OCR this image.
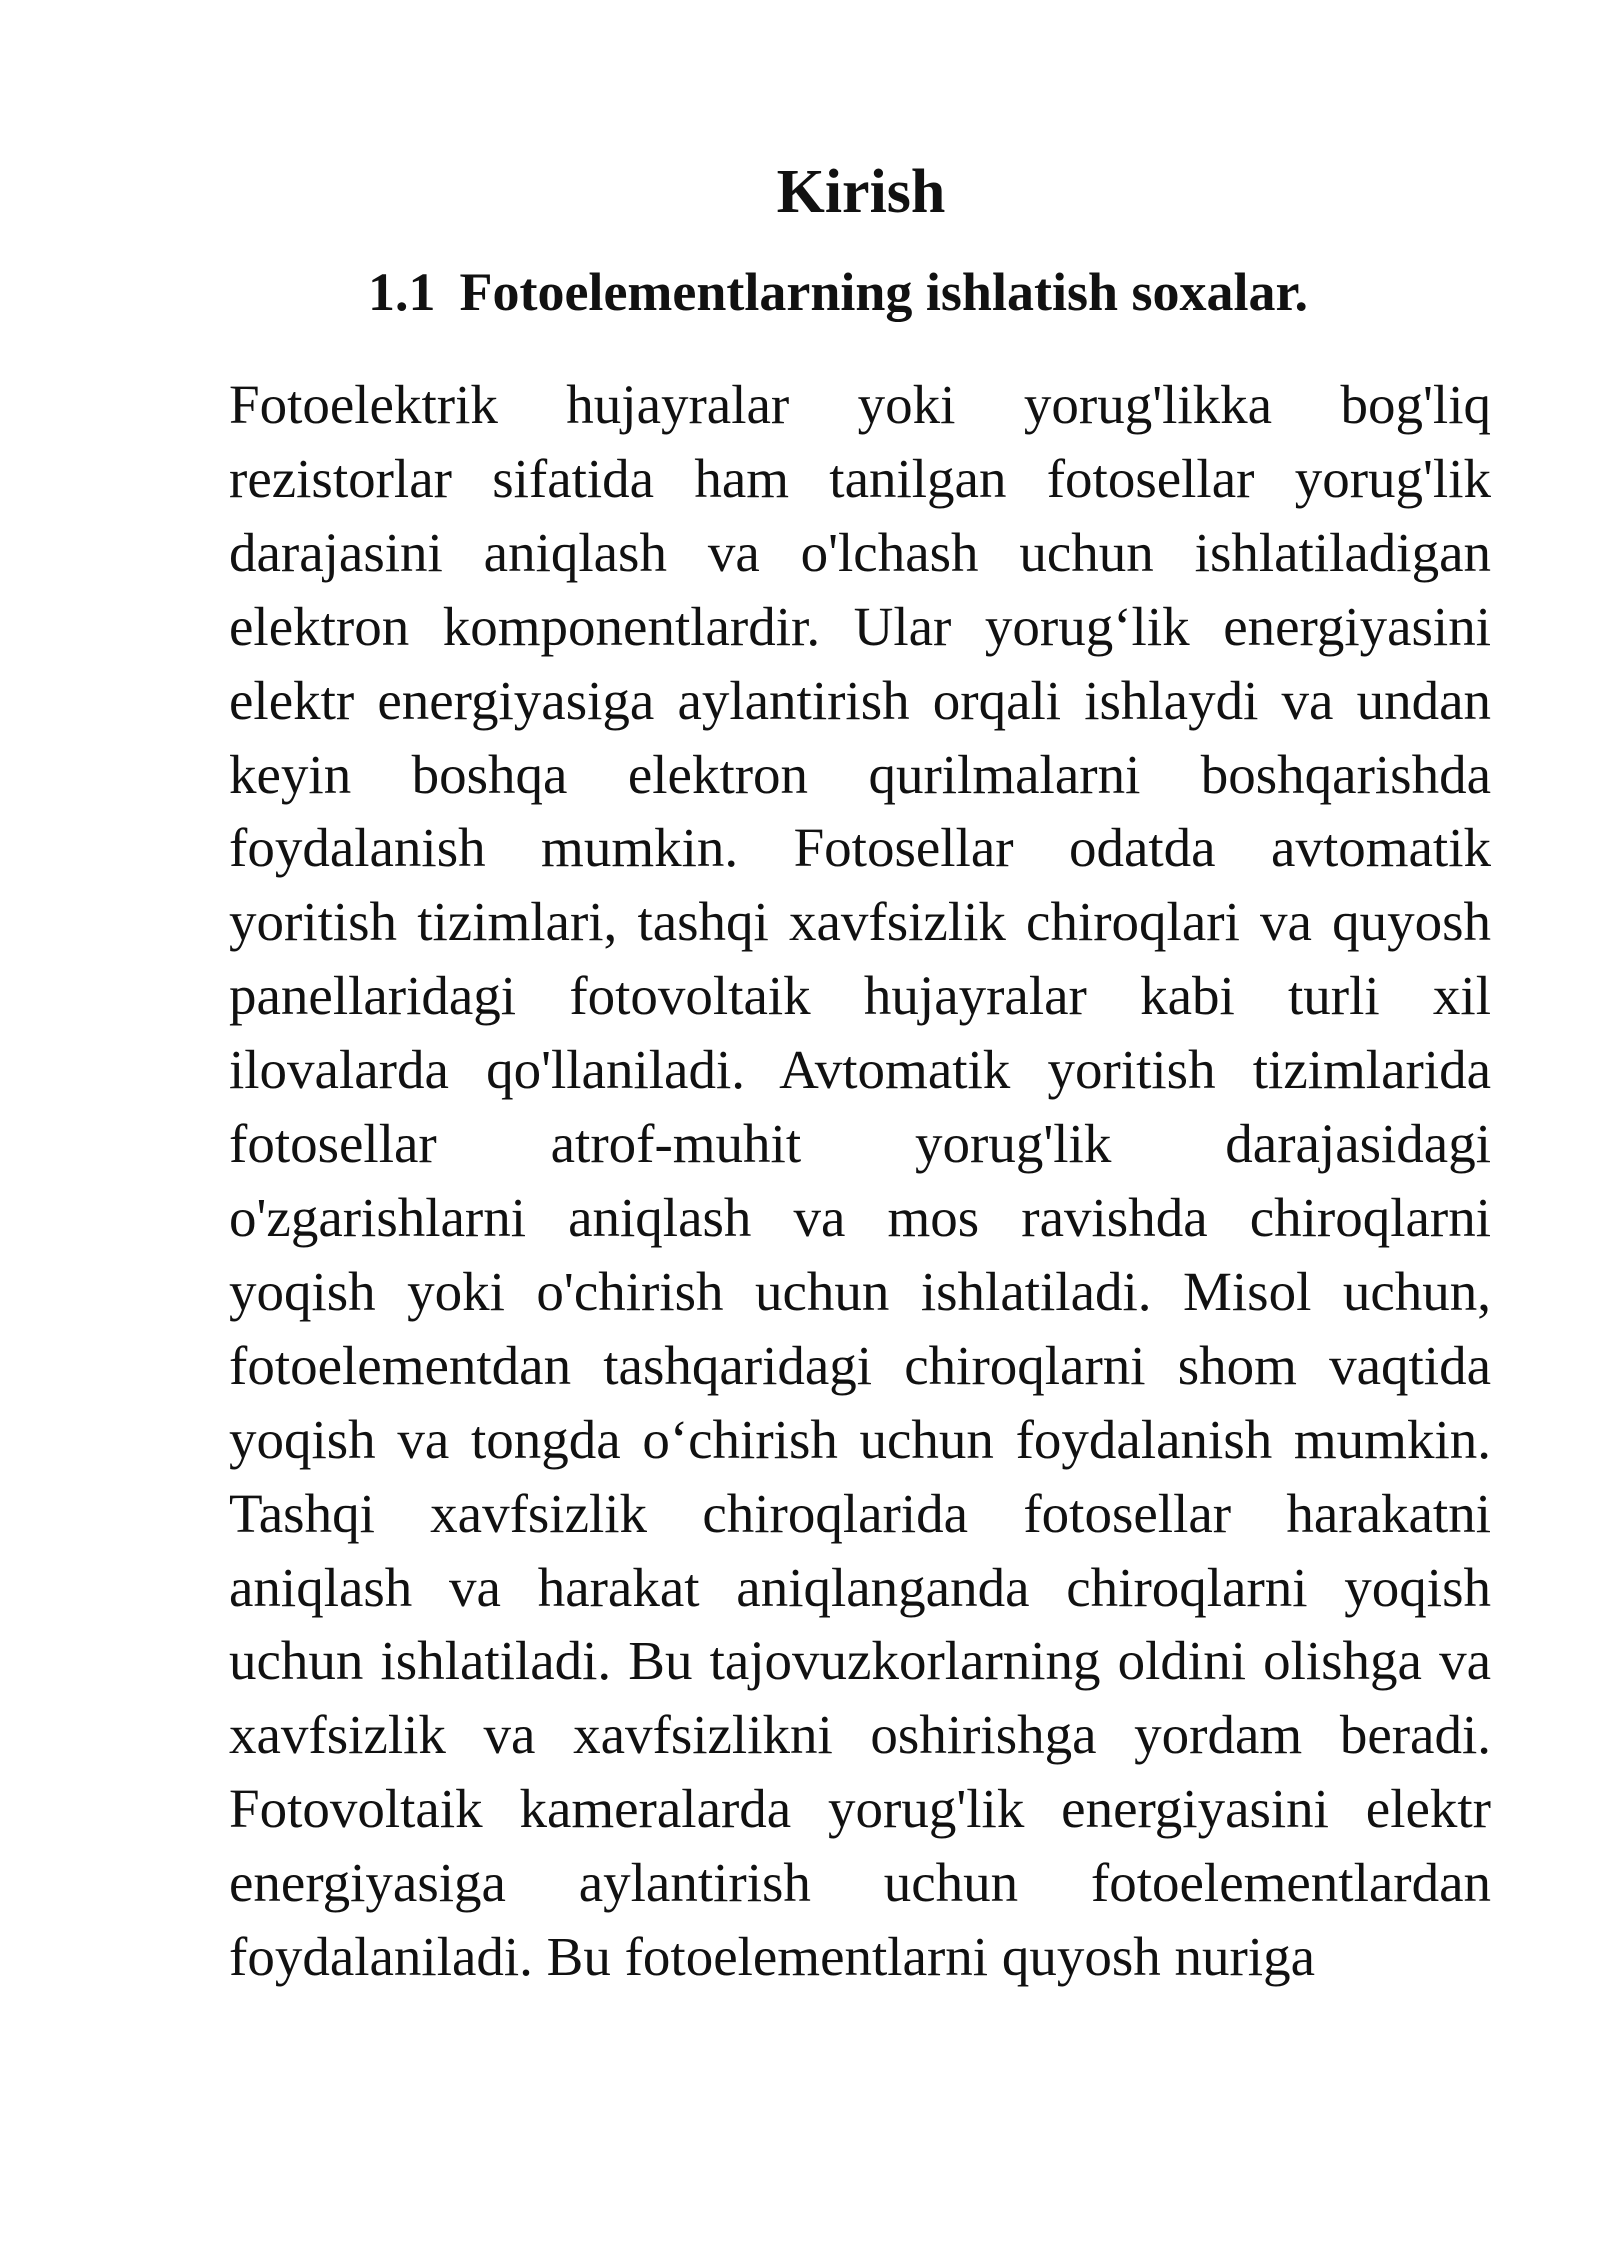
Kirish
1.1 Fotoelementlarning ishlatish soxalar.

Fotoelektrik hujayralar yoki yorug'likka bog'liq rezistorlar sifatida ham tanilgan fotosellar yorug'lik darajasini aniqlash va o'lchash uchun ishlatiladigan elektron komponentlardir. Ular yorug‘lik energiyasini elektr energiyasiga aylantirish orqali ishlaydi va undan keyin boshqa elektron qurilmalarni boshqarishda foydalanish mumkin. Fotosellar odatda avtomatik yoritish tizimlari, tashqi xavfsizlik chiroqlari va quyosh panellaridagi fotovoltaik hujayralar kabi turli xil ilovalarda qo'llaniladi. Avtomatik yoritish tizimlarida fotosellar atrof-muhit yorug'lik darajasidagi o'zgarishlarni aniqlash va mos ravishda chiroqlarni yoqish yoki o'chirish uchun ishlatiladi. Misol uchun, fotoelementdan tashqaridagi chiroqlarni shom vaqtida yoqish va tongda o‘chirish uchun foydalanish mumkin. Tashqi xavfsizlik chiroqlarida fotosellar harakatni aniqlash va harakat aniqlanganda chiroqlarni yoqish uchun ishlatiladi. Bu tajovuzkorlarning oldini olishga va xavfsizlik va xavfsizlikni oshirishga yordam beradi. Fotovoltaik kameralarda yorug'lik energiyasini elektr energiyasiga aylantirish uchun fotoelementlardan foydalaniladi. Bu fotoelementlarni quyosh nuriga
